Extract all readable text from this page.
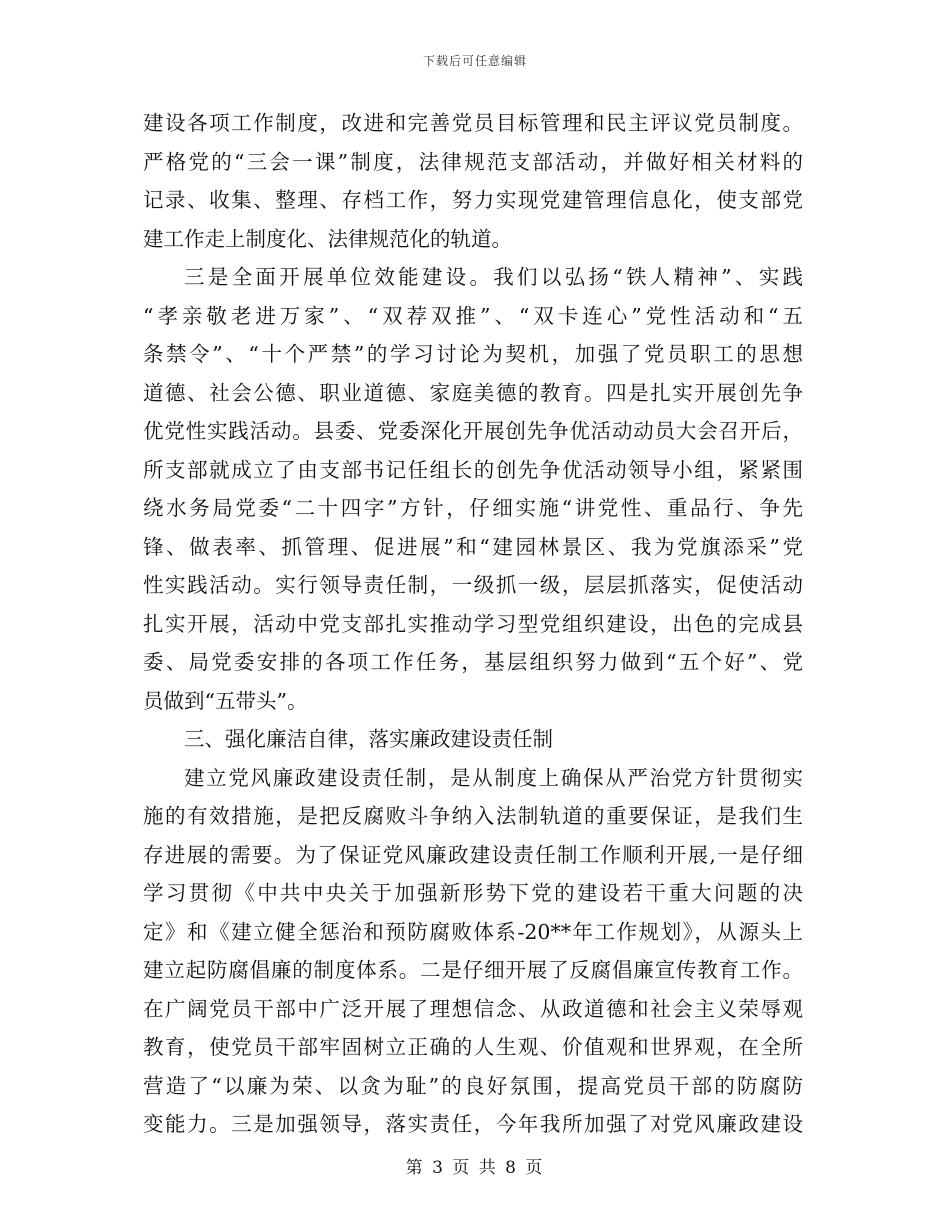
下载后可任意编辑
建设各项工作制度，改进和完善党员目标管理和民主评议党员制度。
严格党的“三会一课”制度，法律规范支部活动，并做好相关材料的
记录、收集、整理、存档工作，努力实现党建管理信息化，使支部党
建工作走上制度化、法律规范化的轨道。
三是全面开展单位效能建设。我们以弘扬“铁人精神”、实践
“孝亲敬老进万家”、“双荐双推”、“双卡连心”党性活动和“五
条禁令”、“十个严禁”的学习讨论为契机，加强了党员职工的思想
道德、社会公德、职业道德、家庭美德的教育。四是扎实开展创先争
优党性实践活动。县委、党委深化开展创先争优活动动员大会召开后，
所支部就成立了由支部书记任组长的创先争优活动领导小组，紧紧围
绕水务局党委“二十四字”方针，仔细实施“讲党性、重品行、争先
锋、做表率、抓管理、促进展”和“建园林景区、我为党旗添采”党
性实践活动。实行领导责任制，一级抓一级，层层抓落实，促使活动
扎实开展，活动中党支部扎实推动学习型党组织建设，出色的完成县
委、局党委安排的各项工作任务，基层组织努力做到“五个好”、党
员做到“五带头”。
三、强化廉洁自律，落实廉政建设责任制
建立党风廉政建设责任制，是从制度上确保从严治党方针贯彻实
施的有效措施，是把反腐败斗争纳入法制轨道的重要保证，是我们生
存进展的需要。为了保证党风廉政建设责任制工作顺利开展,一是仔细
学习贯彻《中共中央关于加强新形势下党的建设若干重大问题的决
定》和《建立健全惩治和预防腐败体系-20**年工作规划》，从源头上
建立起防腐倡廉的制度体系。二是仔细开展了反腐倡廉宣传教育工作。
在广阔党员干部中广泛开展了理想信念、从政道德和社会主义荣辱观
教育，使党员干部牢固树立正确的人生观、价值观和世界观，在全所
营造了“以廉为荣、以贪为耻”的良好氛围，提高党员干部的防腐防
变能力。三是加强领导，落实责任，今年我所加强了对党风廉政建设
第 3 页 共 8 页
